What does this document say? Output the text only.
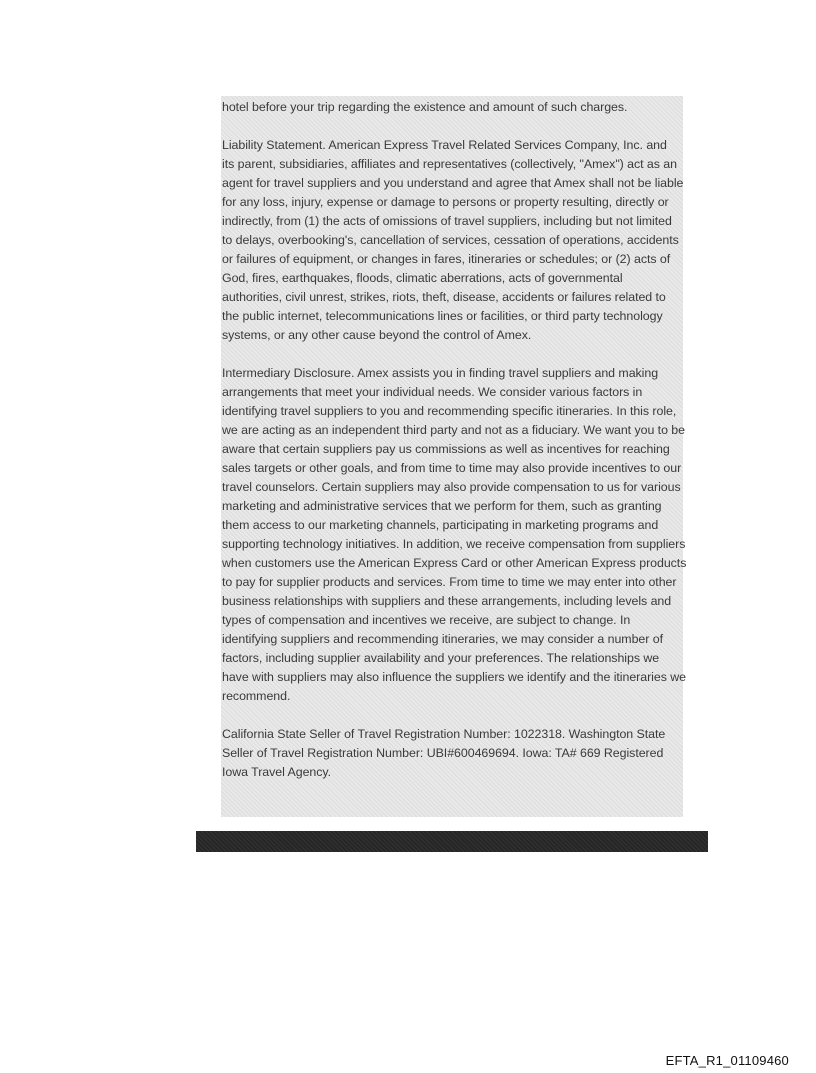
hotel before your trip regarding the existence and amount of such charges.

Liability Statement. American Express Travel Related Services Company, Inc. and
its parent, subsidiaries, affiliates and representatives (collectively, "Amex") act as an
agent for travel suppliers and you understand and agree that Amex shall not be liable
for any loss, injury, expense or damage to persons or property resulting, directly or
indirectly, from (1) the acts of omissions of travel suppliers, including but not limited
to delays, overbooking's, cancellation of services, cessation of operations, accidents
or failures of equipment, or changes in fares, itineraries or schedules; or (2) acts of
God, fires, earthquakes, floods, climatic aberrations, acts of governmental
authorities, civil unrest, strikes, riots, theft, disease, accidents or failures related to
the public internet, telecommunications lines or facilities, or third party technology
systems, or any other cause beyond the control of Amex.

Intermediary Disclosure. Amex assists you in finding travel suppliers and making
arrangements that meet your individual needs. We consider various factors in
identifying travel suppliers to you and recommending specific itineraries. In this role,
we are acting as an independent third party and not as a fiduciary. We want you to be
aware that certain suppliers pay us commissions as well as incentives for reaching
sales targets or other goals, and from time to time may also provide incentives to our
travel counselors. Certain suppliers may also provide compensation to us for various
marketing and administrative services that we perform for them, such as granting
them access to our marketing channels, participating in marketing programs and
supporting technology initiatives. In addition, we receive compensation from suppliers
when customers use the American Express Card or other American Express products
to pay for supplier products and services. From time to time we may enter into other
business relationships with suppliers and these arrangements, including levels and
types of compensation and incentives we receive, are subject to change. In
identifying suppliers and recommending itineraries, we may consider a number of
factors, including supplier availability and your preferences. The relationships we
have with suppliers may also influence the suppliers we identify and the itineraries we
recommend.

California State Seller of Travel Registration Number: 1022318. Washington State
Seller of Travel Registration Number: UBI#600469694. Iowa: TA# 669 Registered
Iowa Travel Agency.

EFTA_R1_01109460
